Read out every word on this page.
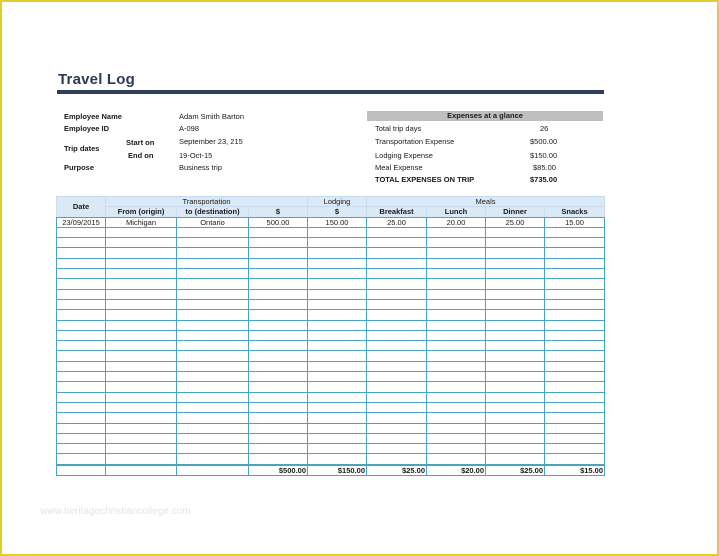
Travel Log
Employee Name	Adam Smith Barton
Employee ID	A-098
Trip dates
Start on	September 23, 215
End on	19-Oct-15
Purpose	Business trip
Expenses at a glance
Total trip days	26
Transportation Expense	$500.00
Lodging Expense	$150.00
Meal Expense	$85.00
TOTAL EXPENSES ON TRIP	$735.00
Date	Transportation			Lodging	Meals			
	From (origin)	to (destination)	$	$	Breakfast	Lunch	Dinner	Snacks
23/09/2015	Michigan	Ontario	500.00	150.00	25.00	20.00	25.00	15.00

			$500.00	$150.00	$25.00	$20.00	$25.00	$15.00
www.heritagechristiancollege.com
